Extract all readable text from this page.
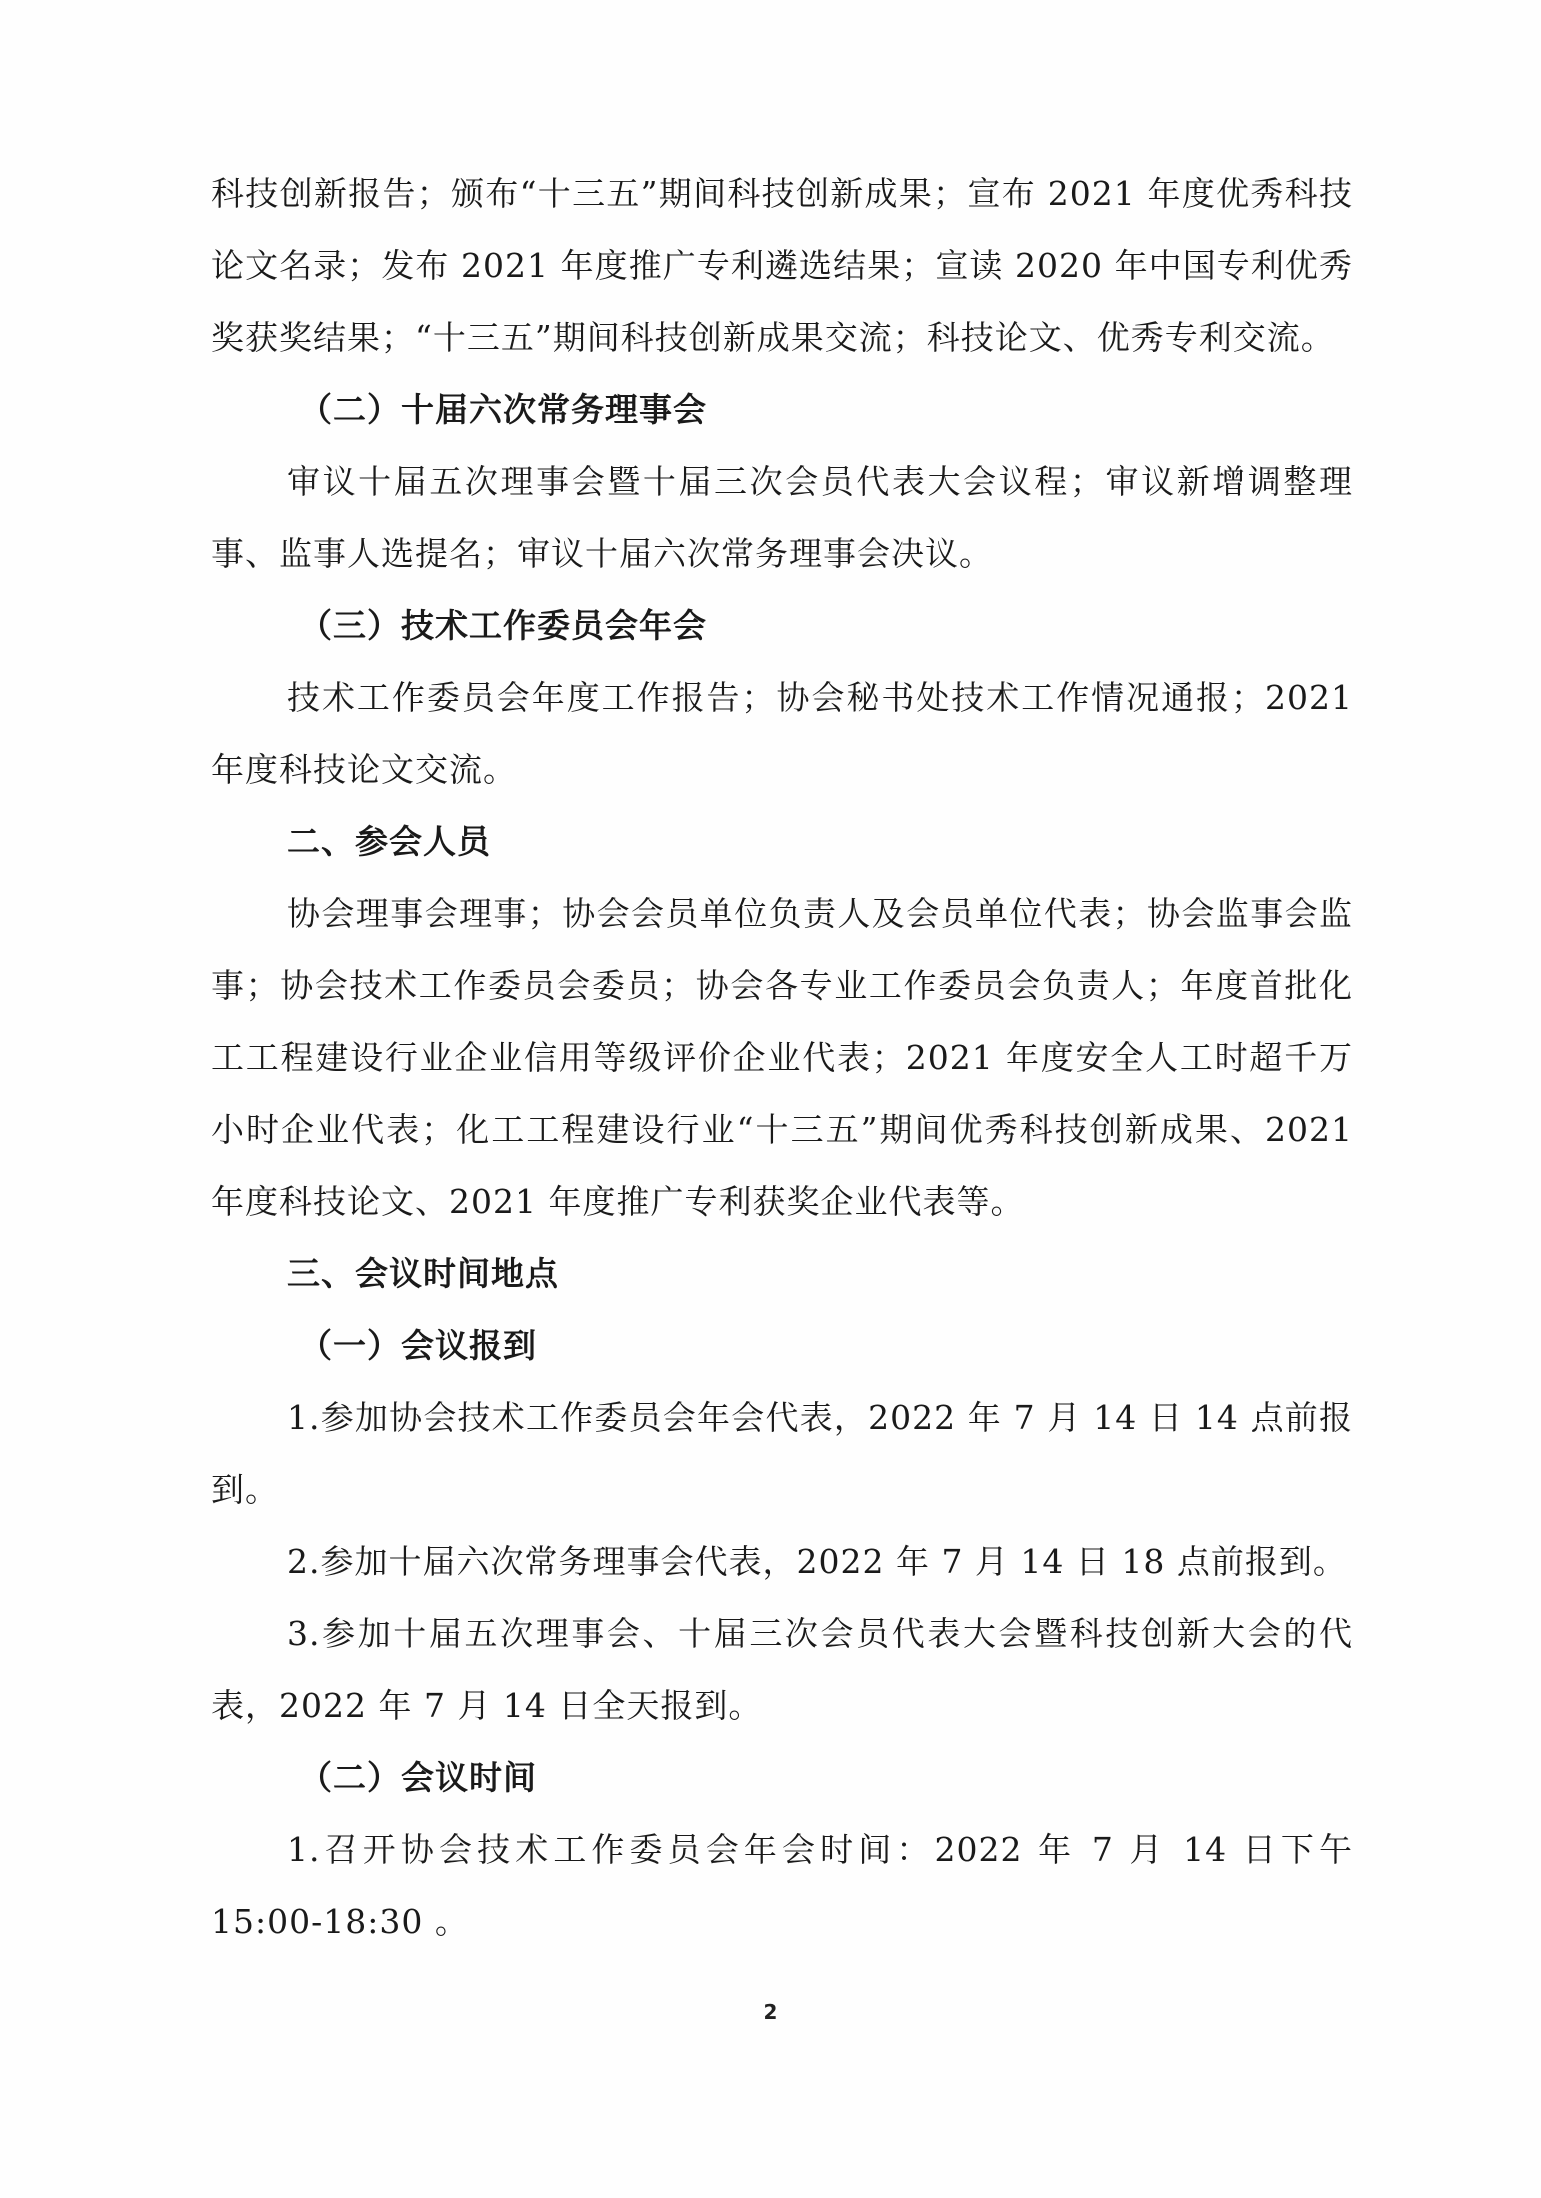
科技创新报告；颁布“十三五”期间科技创新成果；宣布 2021 年度优秀科技论文名录；发布 2021 年度推广专利遴选结果；宣读 2020 年中国专利优秀奖获奖结果；“十三五”期间科技创新成果交流；科技论文、优秀专利交流。

（二）十届六次常务理事会

审议十届五次理事会暨十届三次会员代表大会议程；审议新增调整理事、监事人选提名；审议十届六次常务理事会决议。

（三）技术工作委员会年会

技术工作委员会年度工作报告；协会秘书处技术工作情况通报；2021 年度科技论文交流。

二、参会人员

协会理事会理事；协会会员单位负责人及会员单位代表；协会监事会监事；协会技术工作委员会委员；协会各专业工作委员会负责人；年度首批化工工程建设行业企业信用等级评价企业代表；2021 年度安全人工时超千万小时企业代表；化工工程建设行业“十三五”期间优秀科技创新成果、2021 年度科技论文、2021 年度推广专利获奖企业代表等。

三、会议时间地点

（一）会议报到

1.参加协会技术工作委员会年会代表，2022 年 7 月 14 日 14 点前报到。

2.参加十届六次常务理事会代表，2022 年 7 月 14 日 18 点前报到。

3.参加十届五次理事会、十届三次会员代表大会暨科技创新大会的代表，2022 年 7 月 14 日全天报到。

（二）会议时间

1.召开协会技术工作委员会年会时间：2022 年 7 月 14 日下午 15:00-18:30 。

2
